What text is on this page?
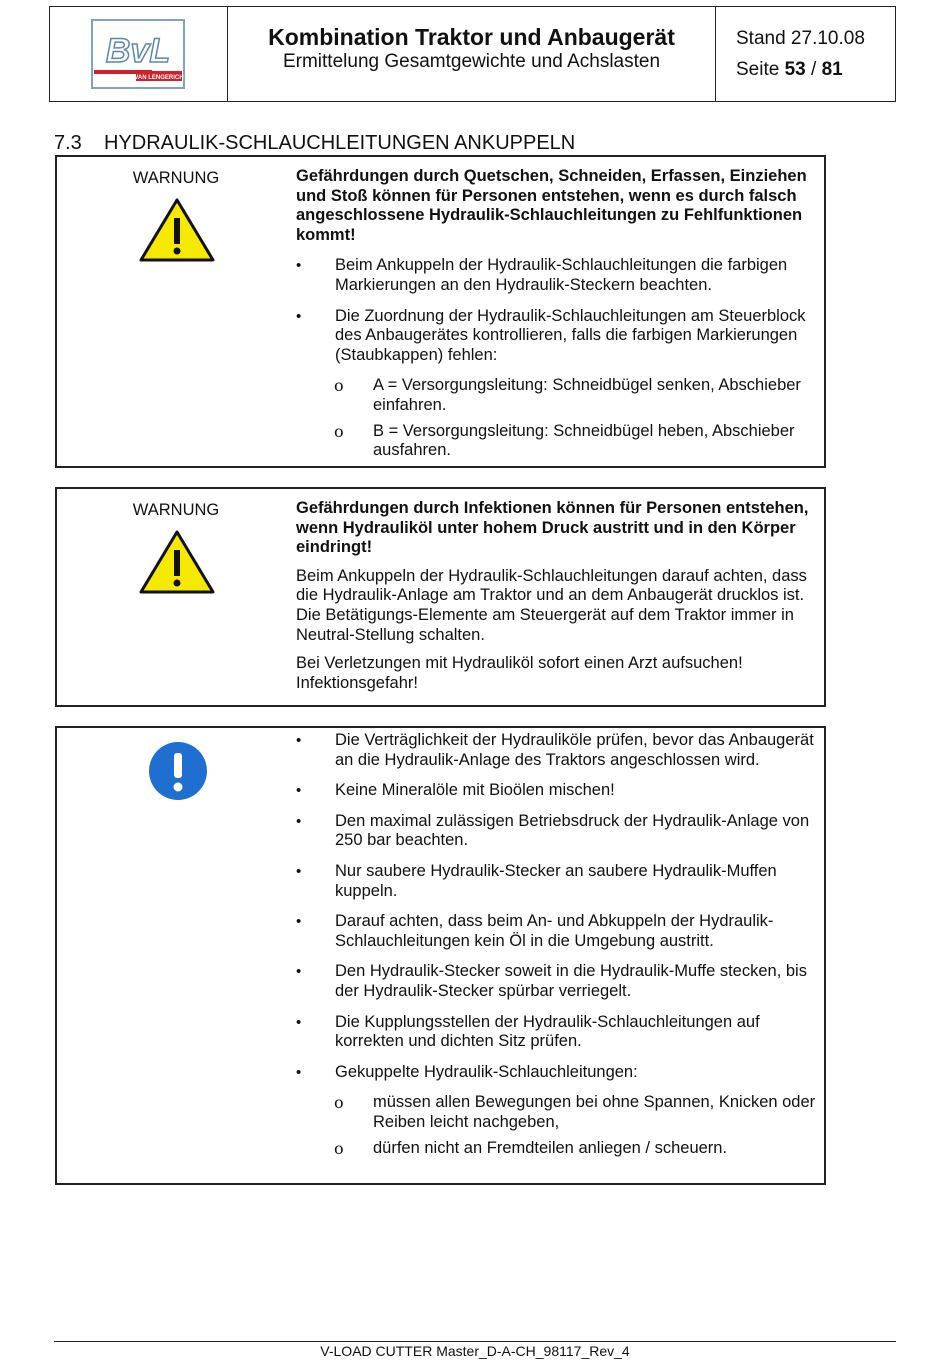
BvL
VAN LENGERICH
Kombination Traktor und Anbaugerät
Ermittelung Gesamtgewichte und Achslasten
Stand 27.10.08
Seite 53 / 81
7.3 HYDRAULIK-SCHLAUCHLEITUNGEN ANKUPPELN
WARNUNG	Gefährdungen durch Quetschen, Schneiden, Erfassen, Einziehen und Stoß können für Personen entstehen, wenn es durch falsch angeschlossene Hydraulik-Schlauchleitungen zu Fehlfunktionen kommt!

•
Beim Ankuppeln der Hydraulik-Schlauchleitungen die farbigen Markierungen an den Hydraulik-Steckern beachten.
•
Die Zuordnung der Hydraulik-Schlauchleitungen am Steuerblock des Anbaugerätes kontrollieren, falls die farbigen Markierungen (Staubkappen) fehlen:
ο A = Versorgungsleitung: Schneidbügel senken, Abschieber einfahren.
ο B = Versorgungsleitung: Schneidbügel heben, Abschieber ausfahren.
WARNUNG	Gefährdungen durch Infektionen können für Personen entstehen, wenn Hydrauliköl unter hohem Druck austritt und in den Körper eindringt!

Beim Ankuppeln der Hydraulik-Schlauchleitungen darauf achten, dass die Hydraulik-Anlage am Traktor und an dem Anbaugerät drucklos ist. Die Betätigungs-Elemente am Steuergerät auf dem Traktor immer in Neutral-Stellung schalten.

Bei Verletzungen mit Hydrauliköl sofort einen Arzt aufsuchen! Infektionsgefahr!

•
Die Verträglichkeit der Hydrauliköle prüfen, bevor das Anbaugerät an die Hydraulik-Anlage des Traktors angeschlossen wird.
•
Keine Mineralöle mit Bioölen mischen!
•
Den maximal zulässigen Betriebsdruck der Hydraulik-Anlage von 250 bar beachten.
•
Nur saubere Hydraulik-Stecker an saubere Hydraulik-Muffen kuppeln.
•
Darauf achten, dass beim An- und Abkuppeln der Hydraulik-Schlauchleitungen kein Öl in die Umgebung austritt.
•
Den Hydraulik-Stecker soweit in die Hydraulik-Muffe stecken, bis der Hydraulik-Stecker spürbar verriegelt.
•
Die Kupplungsstellen der Hydraulik-Schlauchleitungen auf korrekten und dichten Sitz prüfen.
•
Gekuppelte Hydraulik-Schlauchleitungen:
ο müssen allen Bewegungen bei ohne Spannen, Knicken oder Reiben leicht nachgeben,
ο dürfen nicht an Fremdteilen anliegen / scheuern.
V-LOAD CUTTER Master_D-A-CH_98117_Rev_4
